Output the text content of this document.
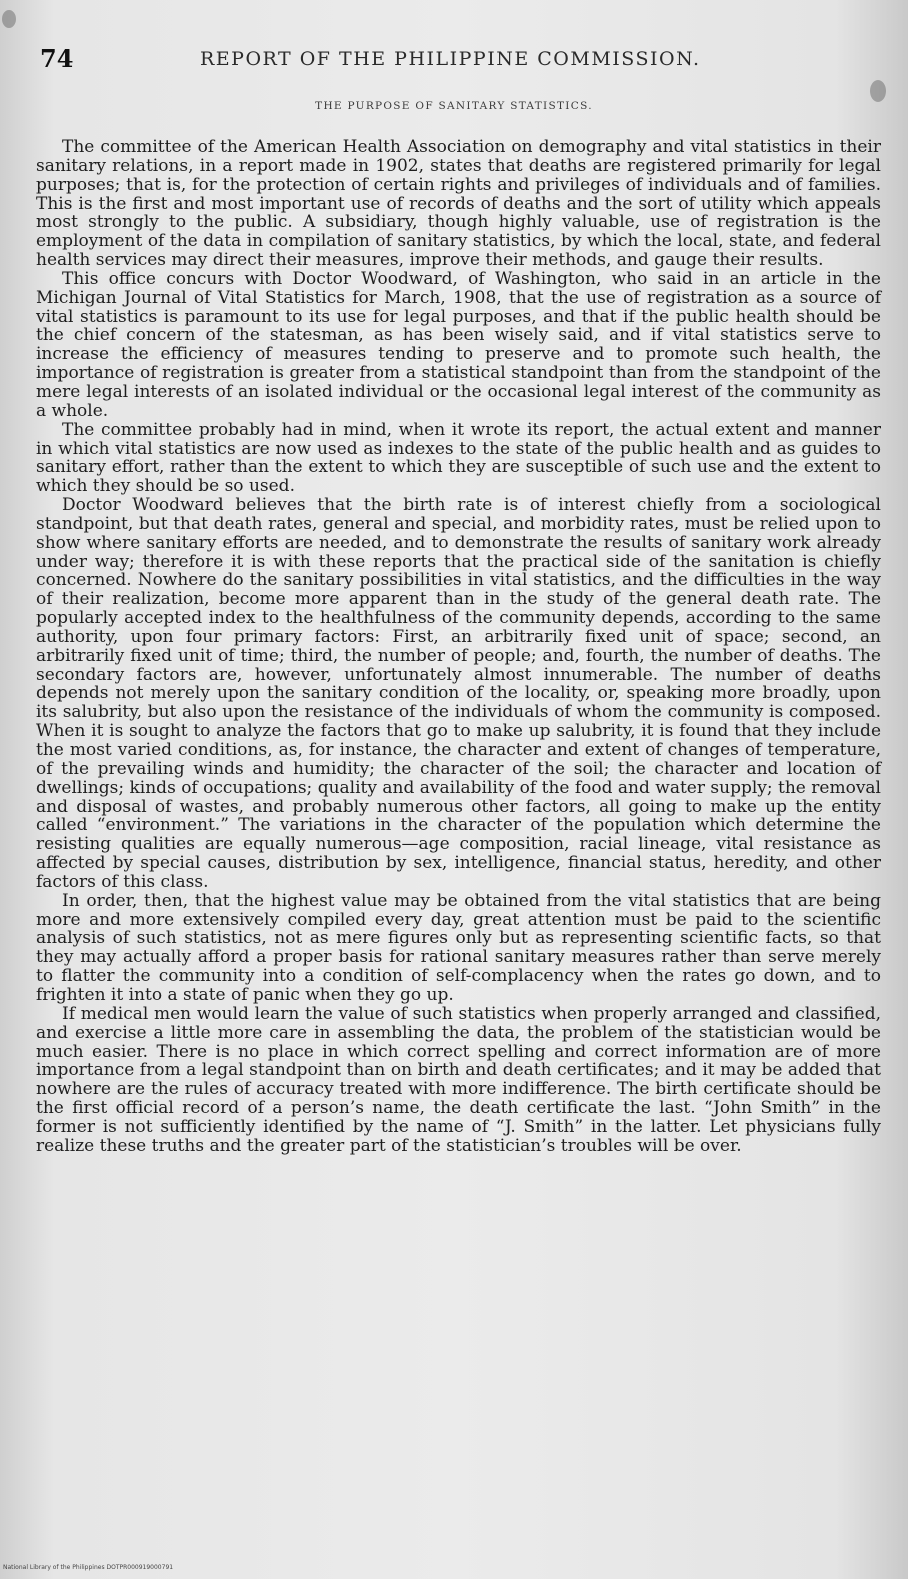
74	REPORT OF THE PHILIPPINE COMMISSION.
THE PURPOSE OF SANITARY STATISTICS.

The committee of the American Health Association on demography and vital statistics in their sanitary relations, in a report made in 1902, states that deaths are registered primarily for legal purposes; that is, for the protection of certain rights and privileges of individuals and of families. This is the first and most important use of records of deaths and the sort of utility which appeals most strongly to the public. A subsidiary, though highly valuable, use of registration is the employment of the data in compilation of sanitary statistics, by which the local, state, and federal health services may direct their measures, improve their methods, and gauge their results.

This office concurs with Doctor Woodward, of Washington, who said in an article in the Michigan Journal of Vital Statistics for March, 1908, that the use of registration as a source of vital statistics is paramount to its use for legal purposes, and that if the public health should be the chief concern of the statesman, as has been wisely said, and if vital statistics serve to increase the efficiency of measures tending to preserve and to promote such health, the importance of registration is greater from a statistical standpoint than from the standpoint of the mere legal interests of an isolated individual or the occasional legal interest of the community as a whole.

The committee probably had in mind, when it wrote its report, the actual extent and manner in which vital statistics are now used as indexes to the state of the public health and as guides to sanitary effort, rather than the extent to which they are susceptible of such use and the extent to which they should be so used.

Doctor Woodward believes that the birth rate is of interest chiefly from a sociological standpoint, but that death rates, general and special, and morbidity rates, must be relied upon to show where sanitary efforts are needed, and to demonstrate the results of sanitary work already under way; therefore it is with these reports that the practical side of the sanitation is chiefly concerned. Nowhere do the sanitary possibilities in vital statistics, and the difficulties in the way of their realization, become more apparent than in the study of the general death rate. The popularly accepted index to the healthfulness of the community depends, according to the same authority, upon four primary factors: First, an arbitrarily fixed unit of space; second, an arbitrarily fixed unit of time; third, the number of people; and, fourth, the number of deaths. The secondary factors are, however, unfortunately almost innumerable. The number of deaths depends not merely upon the sanitary condition of the locality, or, speaking more broadly, upon its salubrity, but also upon the resistance of the individuals of whom the community is composed. When it is sought to analyze the factors that go to make up salubrity, it is found that they include the most varied conditions, as, for instance, the character and extent of changes of temperature, of the prevailing winds and humidity; the character of the soil; the character and location of dwellings; kinds of occupations; quality and availability of the food and water supply; the removal and disposal of wastes, and probably numerous other factors, all going to make up the entity called “environment.” The variations in the character of the population which determine the resisting qualities are equally numerous—age composition, racial lineage, vital resistance as affected by special causes, distribution by sex, intelligence, financial status, heredity, and other factors of this class.

In order, then, that the highest value may be obtained from the vital statistics that are being more and more extensively compiled every day, great attention must be paid to the scientific analysis of such statistics, not as mere figures only but as representing scientific facts, so that they may actually afford a proper basis for rational sanitary measures rather than serve merely to flatter the community into a condition of self-complacency when the rates go down, and to frighten it into a state of panic when they go up.

If medical men would learn the value of such statistics when properly arranged and classified, and exercise a little more care in assembling the data, the problem of the statistician would be much easier. There is no place in which correct spelling and correct information are of more importance from a legal standpoint than on birth and death certificates; and it may be added that nowhere are the rules of accuracy treated with more indifference. The birth certificate should be the first official record of a person’s name, the death certificate the last. “John Smith” in the former is not sufficiently identified by the name of “J. Smith” in the latter. Let physicians fully realize these truths and the greater part of the statistician’s troubles will be over.

National Library of the Philippines DOTPR000919000791
